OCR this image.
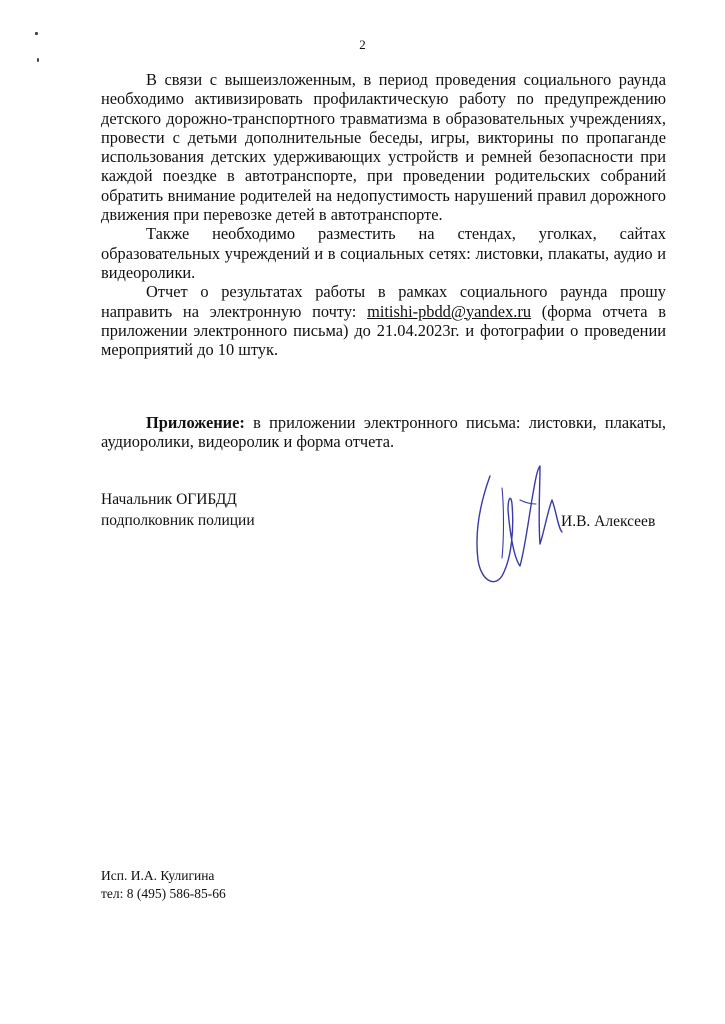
2

В связи с вышеизложенным, в период проведения социального раунда необходимо активизировать профилактическую работу по предупреждению детского дорожно-транспортного травматизма в образовательных учреждениях, провести с детьми дополнительные беседы, игры, викторины по пропаганде использования детских удерживающих устройств и ремней безопасности при каждой поездке в автотранспорте, при проведении родительских собраний обратить внимание родителей на недопустимость нарушений правил дорожного движения при перевозке детей в автотранспорте.

Также необходимо разместить на стендах, уголках, сайтах образовательных учреждений и в социальных сетях: листовки, плакаты, аудио и видеоролики.

Отчет о результатах работы в рамках социального раунда прошу направить на электронную почту: mitishi-pbdd@yandex.ru (форма отчета в приложении электронного письма) до 21.04.2023г. и фотографии о проведении мероприятий до 10 штук.

Приложение: в приложении электронного письма: листовки, плакаты, аудиоролики, видеоролик и форма отчета.

Начальник ОГИБДД
подполковник полиции	И.В. Алексеев
Исп. И.А. Кулигина
тел: 8 (495) 586-85-66
